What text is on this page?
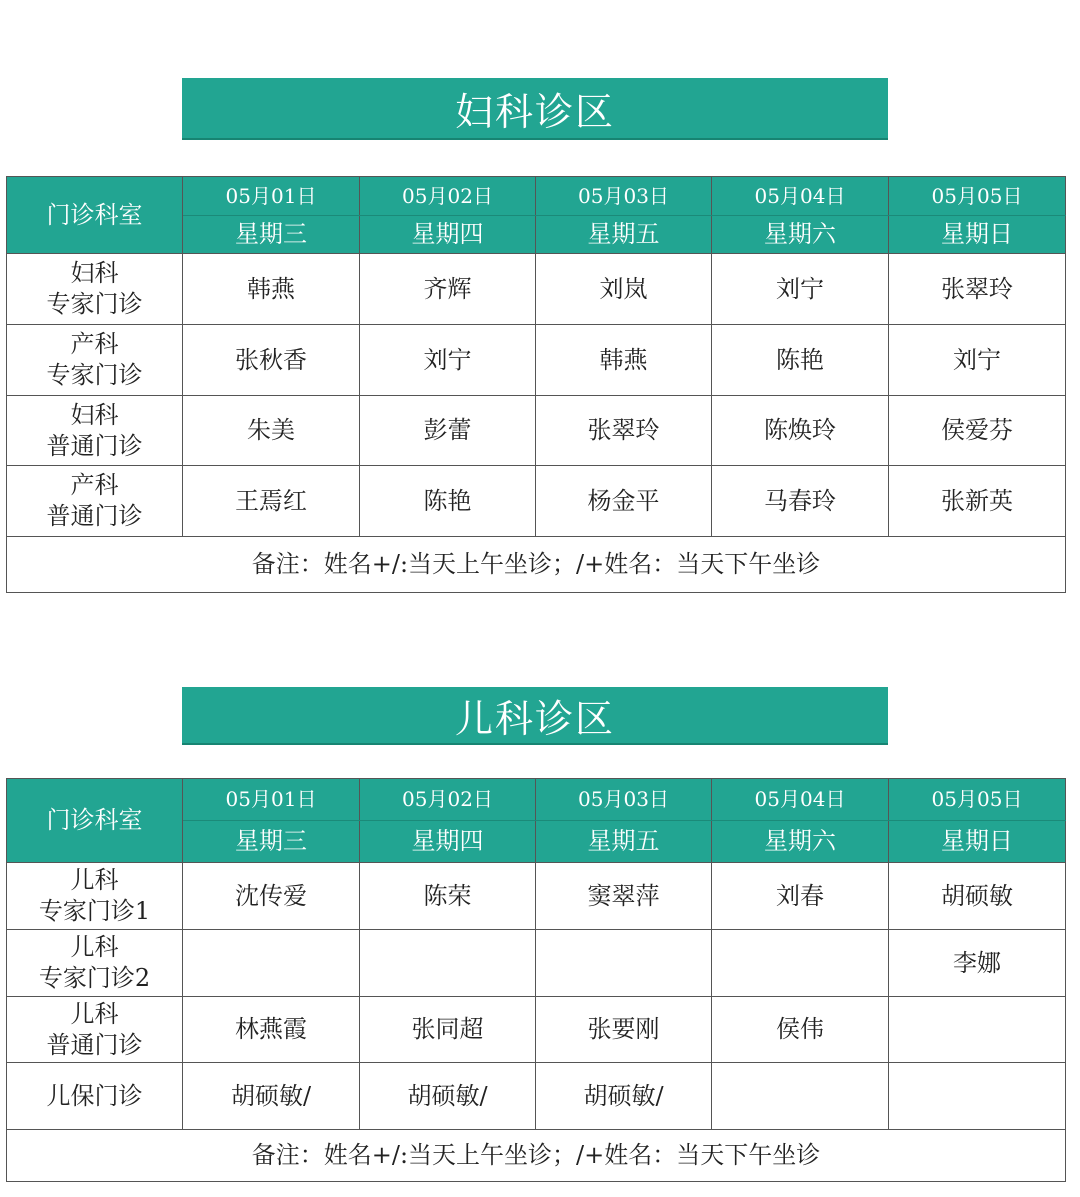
妇科诊区
门诊科室	05月01日	05月02日	05月03日	05月04日	05月05日
	星期三	星期四	星期五	星期六	星期日

妇科
专家门诊	韩燕	齐辉	刘岚	刘宁	张翠玲

产科
专家门诊	张秋香	刘宁	韩燕	陈艳	刘宁

妇科
普通门诊	朱美	彭蕾	张翠玲	陈焕玲	侯爱芬

产科
普通门诊	王焉红	陈艳	杨金平	马春玲	张新英
备注：姓名+/:当天上午坐诊；/+姓名：当天下午坐诊					
儿科诊区
门诊科室	05月01日	05月02日	05月03日	05月04日	05月05日
	星期三	星期四	星期五	星期六	星期日

儿科
专家门诊1	沈传爱	陈荣	窦翠萍	刘春	胡硕敏

儿科
专家门诊2					李娜

儿科
普通门诊	林燕霞	张同超	张要刚	侯伟	

儿保门诊	胡硕敏/	胡硕敏/	胡硕敏/		
备注：姓名+/:当天上午坐诊；/+姓名：当天下午坐诊					
